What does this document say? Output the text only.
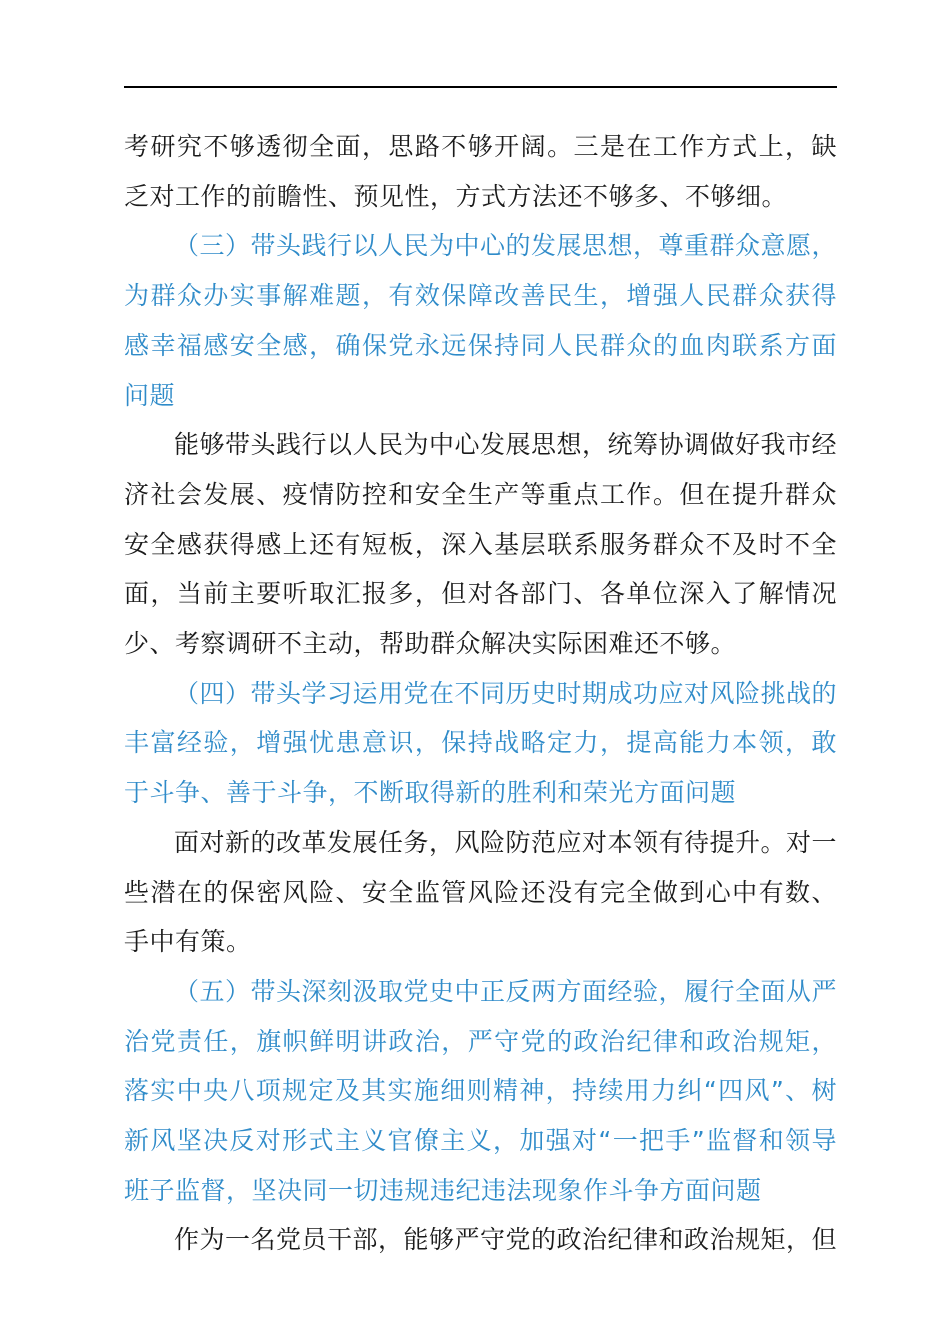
考研究不够透彻全面，思路不够开阔。三是在工作方式上，缺乏对工作的前瞻性、预见性，方式方法还不够多、不够细。

（三）带头践行以人民为中心的发展思想，尊重群众意愿，为群众办实事解难题，有效保障改善民生，增强人民群众获得感幸福感安全感，确保党永远保持同人民群众的血肉联系方面问题

能够带头践行以人民为中心发展思想，统筹协调做好我市经济社会发展、疫情防控和安全生产等重点工作。但在提升群众安全感获得感上还有短板，深入基层联系服务群众不及时不全面，当前主要听取汇报多，但对各部门、各单位深入了解情况少、考察调研不主动，帮助群众解决实际困难还不够。

（四）带头学习运用党在不同历史时期成功应对风险挑战的丰富经验，增强忧患意识，保持战略定力，提高能力本领，敢于斗争、善于斗争，不断取得新的胜利和荣光方面问题

面对新的改革发展任务，风险防范应对本领有待提升。对一些潜在的保密风险、安全监管风险还没有完全做到心中有数、手中有策。

（五）带头深刻汲取党史中正反两方面经验，履行全面从严治党责任，旗帜鲜明讲政治，严守党的政治纪律和政治规矩，落实中央八项规定及其实施细则精神，持续用力纠“四风”、树新风坚决反对形式主义官僚主义，加强对“一把手”监督和领导班子监督，坚决同一切违规违纪违法现象作斗争方面问题

作为一名党员干部，能够严守党的政治纪律和政治规矩，但
